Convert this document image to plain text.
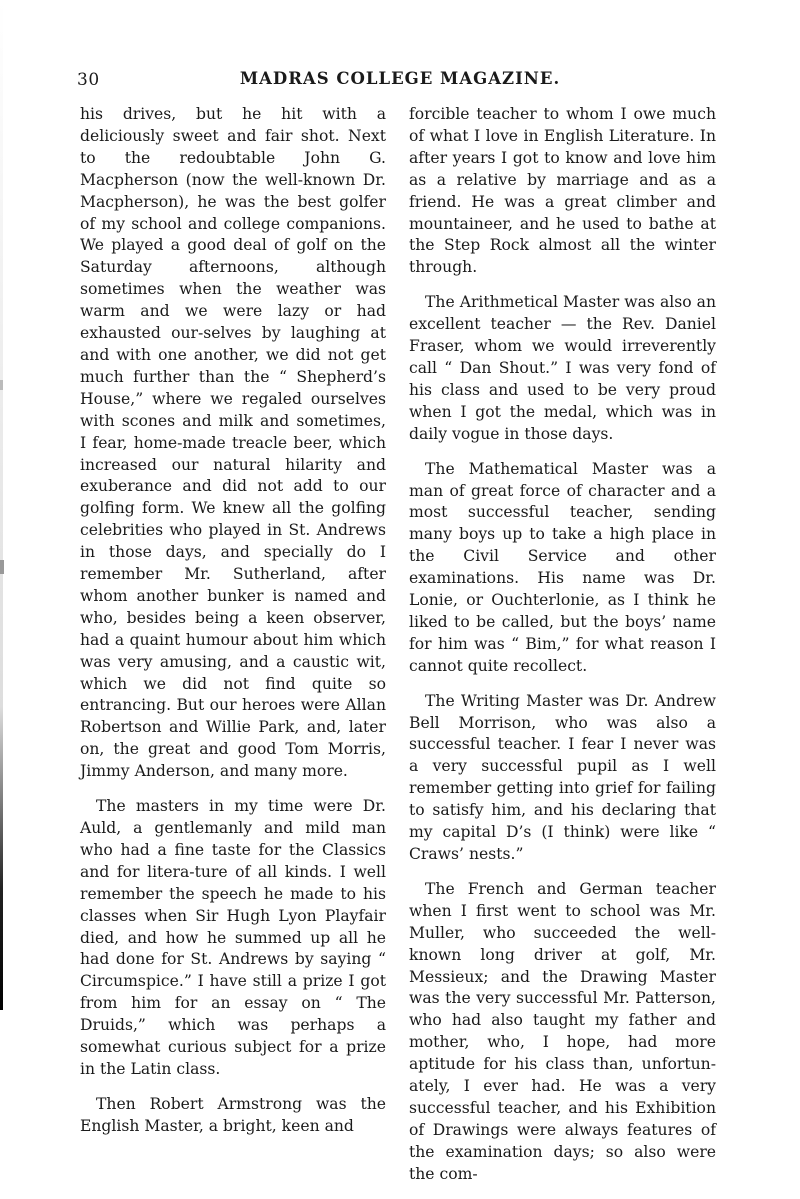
30	MADRAS COLLEGE MAGAZINE.

his drives, but he hit with a deliciously sweet and fair shot. Next to the redoubtable John G. Macpherson (now the well-known Dr. Macpherson), he was the best golfer of my school and college companions. We played a good deal of golf on the Saturday afternoons, although sometimes when the weather was warm and we were lazy or had exhausted our-selves by laughing at and with one another, we did not get much further than the “ Shepherd’s House,” where we regaled ourselves with scones and milk and sometimes, I fear, home-made treacle beer, which increased our natural hilarity and exuberance and did not add to our golfing form. We knew all the golfing celebrities who played in St. Andrews in those days, and specially do I remember Mr. Sutherland, after whom another bunker is named and who, besides being a keen observer, had a quaint humour about him which was very amusing, and a caustic wit, which we did not find quite so entrancing. But our heroes were Allan Robertson and Willie Park, and, later on, the great and good Tom Morris, Jimmy Anderson, and many more.

The masters in my time were Dr. Auld, a gentlemanly and mild man who had a fine taste for the Classics and for litera-ture of all kinds. I well remember the speech he made to his classes when Sir Hugh Lyon Playfair died, and how he summed up all he had done for St. Andrews by saying “ Circumspice.” I have still a prize I got from him for an essay on “ The Druids,” which was perhaps a somewhat curious subject for a prize in the Latin class.

Then Robert Armstrong was the English Master, a bright, keen and

forcible teacher to whom I owe much of what I love in English Literature. In after years I got to know and love him as a relative by marriage and as a friend. He was a great climber and mountaineer, and he used to bathe at the Step Rock almost all the winter through.

The Arithmetical Master was also an excellent teacher — the Rev. Daniel Fraser, whom we would irreverently call “ Dan Shout.” I was very fond of his class and used to be very proud when I got the medal, which was in daily vogue in those days.

The Mathematical Master was a man of great force of character and a most successful teacher, sending many boys up to take a high place in the Civil Service and other examinations. His name was Dr. Lonie, or Ouchterlonie, as I think he liked to be called, but the boys’ name for him was “ Bim,” for what reason I cannot quite recollect.

The Writing Master was Dr. Andrew Bell Morrison, who was also a successful teacher. I fear I never was a very successful pupil as I well remember getting into grief for failing to satisfy him, and his declaring that my capital D’s (I think) were like “ Craws’ nests.”

The French and German teacher when I first went to school was Mr. Muller, who succeeded the well-known long driver at golf, Mr. Messieux; and the Drawing Master was the very successful Mr. Patterson, who had also taught my father and mother, who, I hope, had more aptitude for his class than, unfortun-ately, I ever had. He was a very successful teacher, and his Exhibition of Drawings were always features of the examination days; so also were the com-
